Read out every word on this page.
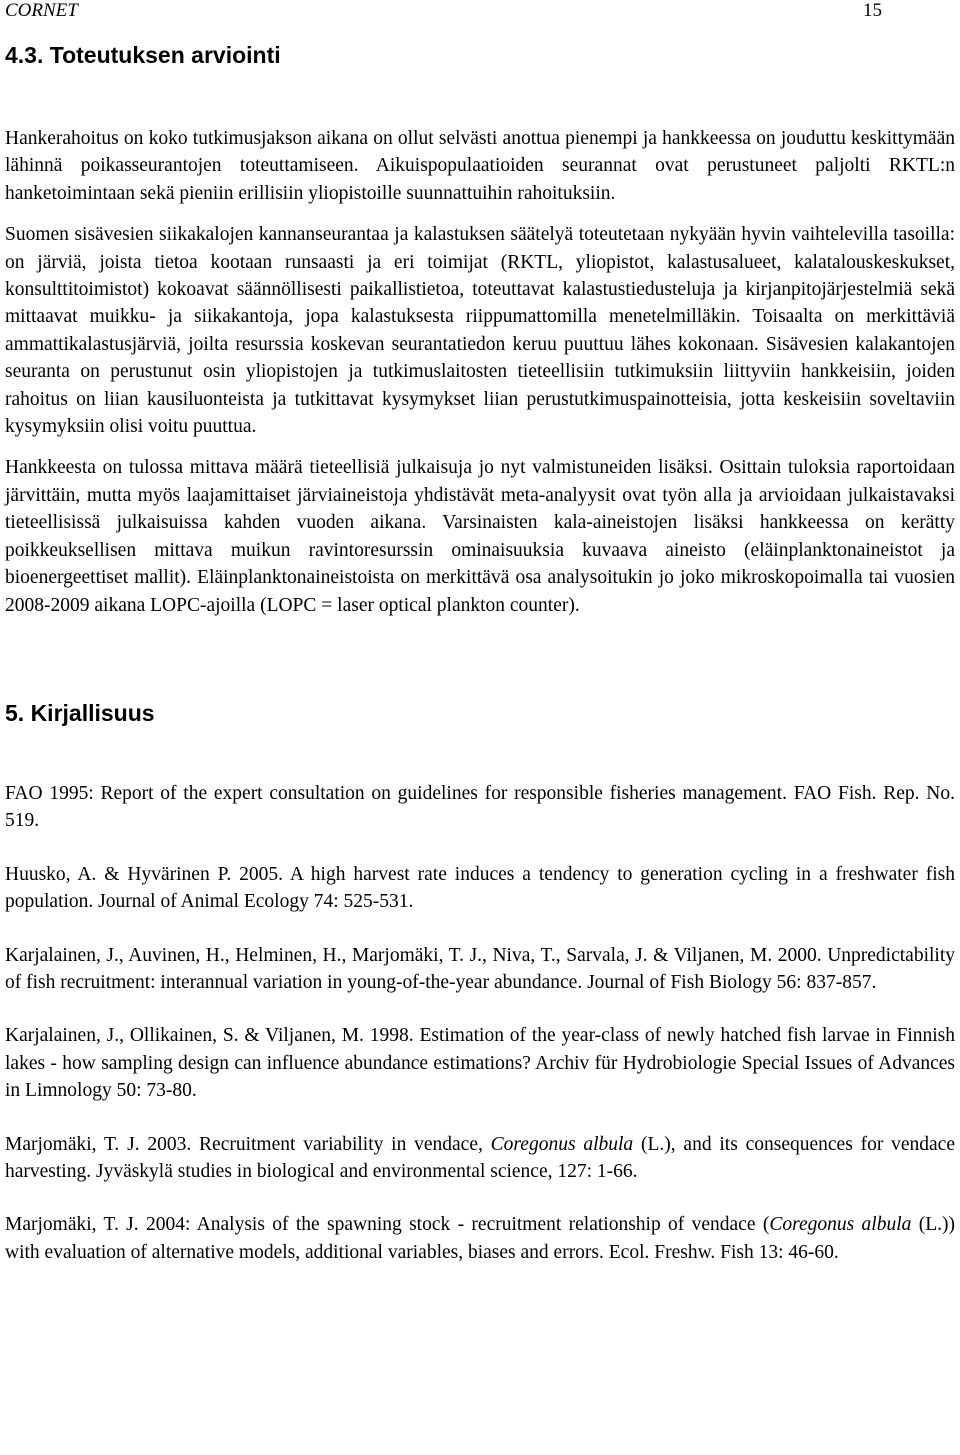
CORNET	15
4.3. Toteutuksen arviointi

Hankerahoitus on koko tutkimusjakson aikana on ollut selvästi anottua pienempi ja hankkeessa on jouduttu keskittymään lähinnä poikasseurantojen toteuttamiseen. Aikuispopulaatioiden seurannat ovat perustuneet paljolti RKTL:n hanketoimintaan sekä pieniin erillisiin yliopistoille suunnattuihin rahoituksiin.

Suomen sisävesien siikakalojen kannanseurantaa ja kalastuksen säätelyä toteutetaan nykyään hyvin vaihtelevilla tasoilla: on järviä, joista tietoa kootaan runsaasti ja eri toimijat (RKTL, yliopistot, kalastusalueet, kalatalouskeskukset, konsulttitoimistot) kokoavat säännöllisesti paikallistietoa, toteuttavat kalastustiedusteluja ja kirjanpitojärjestelmiä sekä mittaavat muikku- ja siikakantoja, jopa kalastuksesta riippumattomilla menetelmilläkin. Toisaalta on merkittäviä ammattikalastusjärviä, joilta resurssia koskevan seurantatiedon keruu puuttuu lähes kokonaan. Sisävesien kalakantojen seuranta on perustunut osin yliopistojen ja tutkimuslaitosten tieteellisiin tutkimuksiin liittyviin hankkeisiin, joiden rahoitus on liian kausiluonteista ja tutkittavat kysymykset liian perustutkimuspainotteisia, jotta keskeisiin soveltaviin kysymyksiin olisi voitu puuttua.

Hankkeesta on tulossa mittava määrä tieteellisiä julkaisuja jo nyt valmistuneiden lisäksi. Osittain tuloksia raportoidaan järvittäin, mutta myös laajamittaiset järviaineistoja yhdistävät meta-analyysit ovat työn alla ja arvioidaan julkaistavaksi tieteellisissä julkaisuissa kahden vuoden aikana. Varsinaisten kala-aineistojen lisäksi hankkeessa on kerätty poikkeuksellisen mittava muikun ravintoresurssin ominaisuuksia kuvaava aineisto (eläinplanktonaineistot ja bioenergeettiset mallit). Eläinplanktonaineistoista on merkittävä osa analysoitukin jo joko mikroskopoimalla tai vuosien 2008-2009 aikana LOPC-ajoilla (LOPC = laser optical plankton counter).

5. Kirjallisuus

FAO 1995: Report of the expert consultation on guidelines for responsible fisheries management. FAO Fish. Rep. No. 519.

Huusko, A. & Hyvärinen P. 2005. A high harvest rate induces a tendency to generation cycling in a freshwater fish population. Journal of Animal Ecology 74: 525-531.

Karjalainen, J., Auvinen, H., Helminen, H., Marjomäki, T. J., Niva, T., Sarvala, J. & Viljanen, M. 2000. Unpredictability of fish recruitment: interannual variation in young-of-the-year abundance. Journal of Fish Biology 56: 837-857.

Karjalainen, J., Ollikainen, S. & Viljanen, M. 1998. Estimation of the year-class of newly hatched fish larvae in Finnish lakes - how sampling design can influence abundance estimations? Archiv für Hydrobiologie Special Issues of Advances in Limnology 50: 73-80.

Marjomäki, T. J. 2003. Recruitment variability in vendace, Coregonus albula (L.), and its consequences for vendace harvesting. Jyväskylä studies in biological and environmental science, 127: 1-66.

Marjomäki, T. J. 2004: Analysis of the spawning stock - recruitment relationship of vendace (Coregonus albula (L.)) with evaluation of alternative models, additional variables, biases and errors. Ecol. Freshw. Fish 13: 46-60.
